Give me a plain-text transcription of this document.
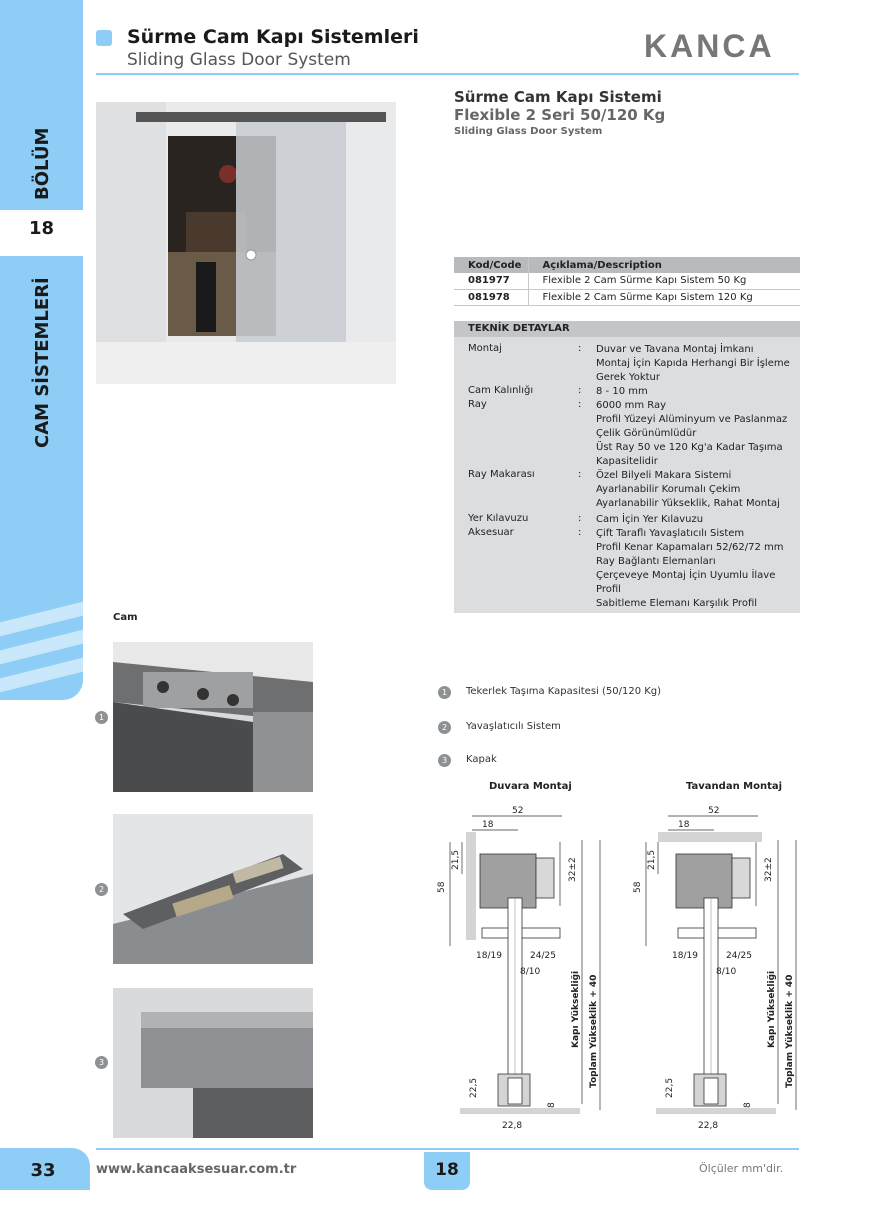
BÖLÜM
18
CAM SİSTEMLERİ
33
Sürme Cam Kapı Sistemleri
Sliding Glass Door System	KANCA
Sürme Cam Kapı Sistemi
Flexible 2 Seri 50/120 Kg
Sliding Glass Door System
Kod/Code	Açıklama/Description
081977	Flexible 2 Cam Sürme Kapı Sistem 50 Kg
081978	Flexible 2 Cam Sürme Kapı Sistem 120 Kg
TEKNİK DETAYLAR
Montaj	: Duvar ve Tavana Montaj İmkanı
Montaj İçin Kapıda Herhangi Bir İşleme
Gerek Yoktur
Cam Kalınlığı	: 8 - 10 mm
Ray	: 6000 mm Ray
Profil Yüzeyi Alüminyum ve Paslanmaz
Çelik Görünümlüdür
Üst Ray 50 ve 120 Kg'a Kadar Taşıma
Kapasitelidir
Ray Makarası	: Özel Bilyeli Makara Sistemi
Ayarlanabilir Korumalı Çekim
Ayarlanabilir Yükseklik, Rahat Montaj
Yer Kılavuzu	: Cam İçin Yer Kılavuzu
Aksesuar	: Çift Taraflı Yavaşlatıcılı Sistem
Profil Kenar Kapamaları 52/62/72 mm
Ray Bağlantı Elemanları
Çerçeveye Montaj İçin Uyumlu İlave
Profil
Sabitleme Elemanı Karşılık Profil
Cam
1
2
3
1	Tekerlek Taşıma Kapasitesi (50/120 Kg)
2	Yavaşlatıcılı Sistem
3	Kapak
Duvara Montaj	Tavandan Montaj
52
18
58
21,5	32±2
18/19	24/25
8/10	Kapı Yüksekliği Toplam Yükseklik + 40
22,5
22,8
8
52
18
58
21,5	32±2
18/19	24/25
8/10	Kapı Yüksekliği Toplam Yükseklik + 40
22,5
22,8
8
www.kancaaksesuar.com.tr	18	Ölçüler mm'dir.
